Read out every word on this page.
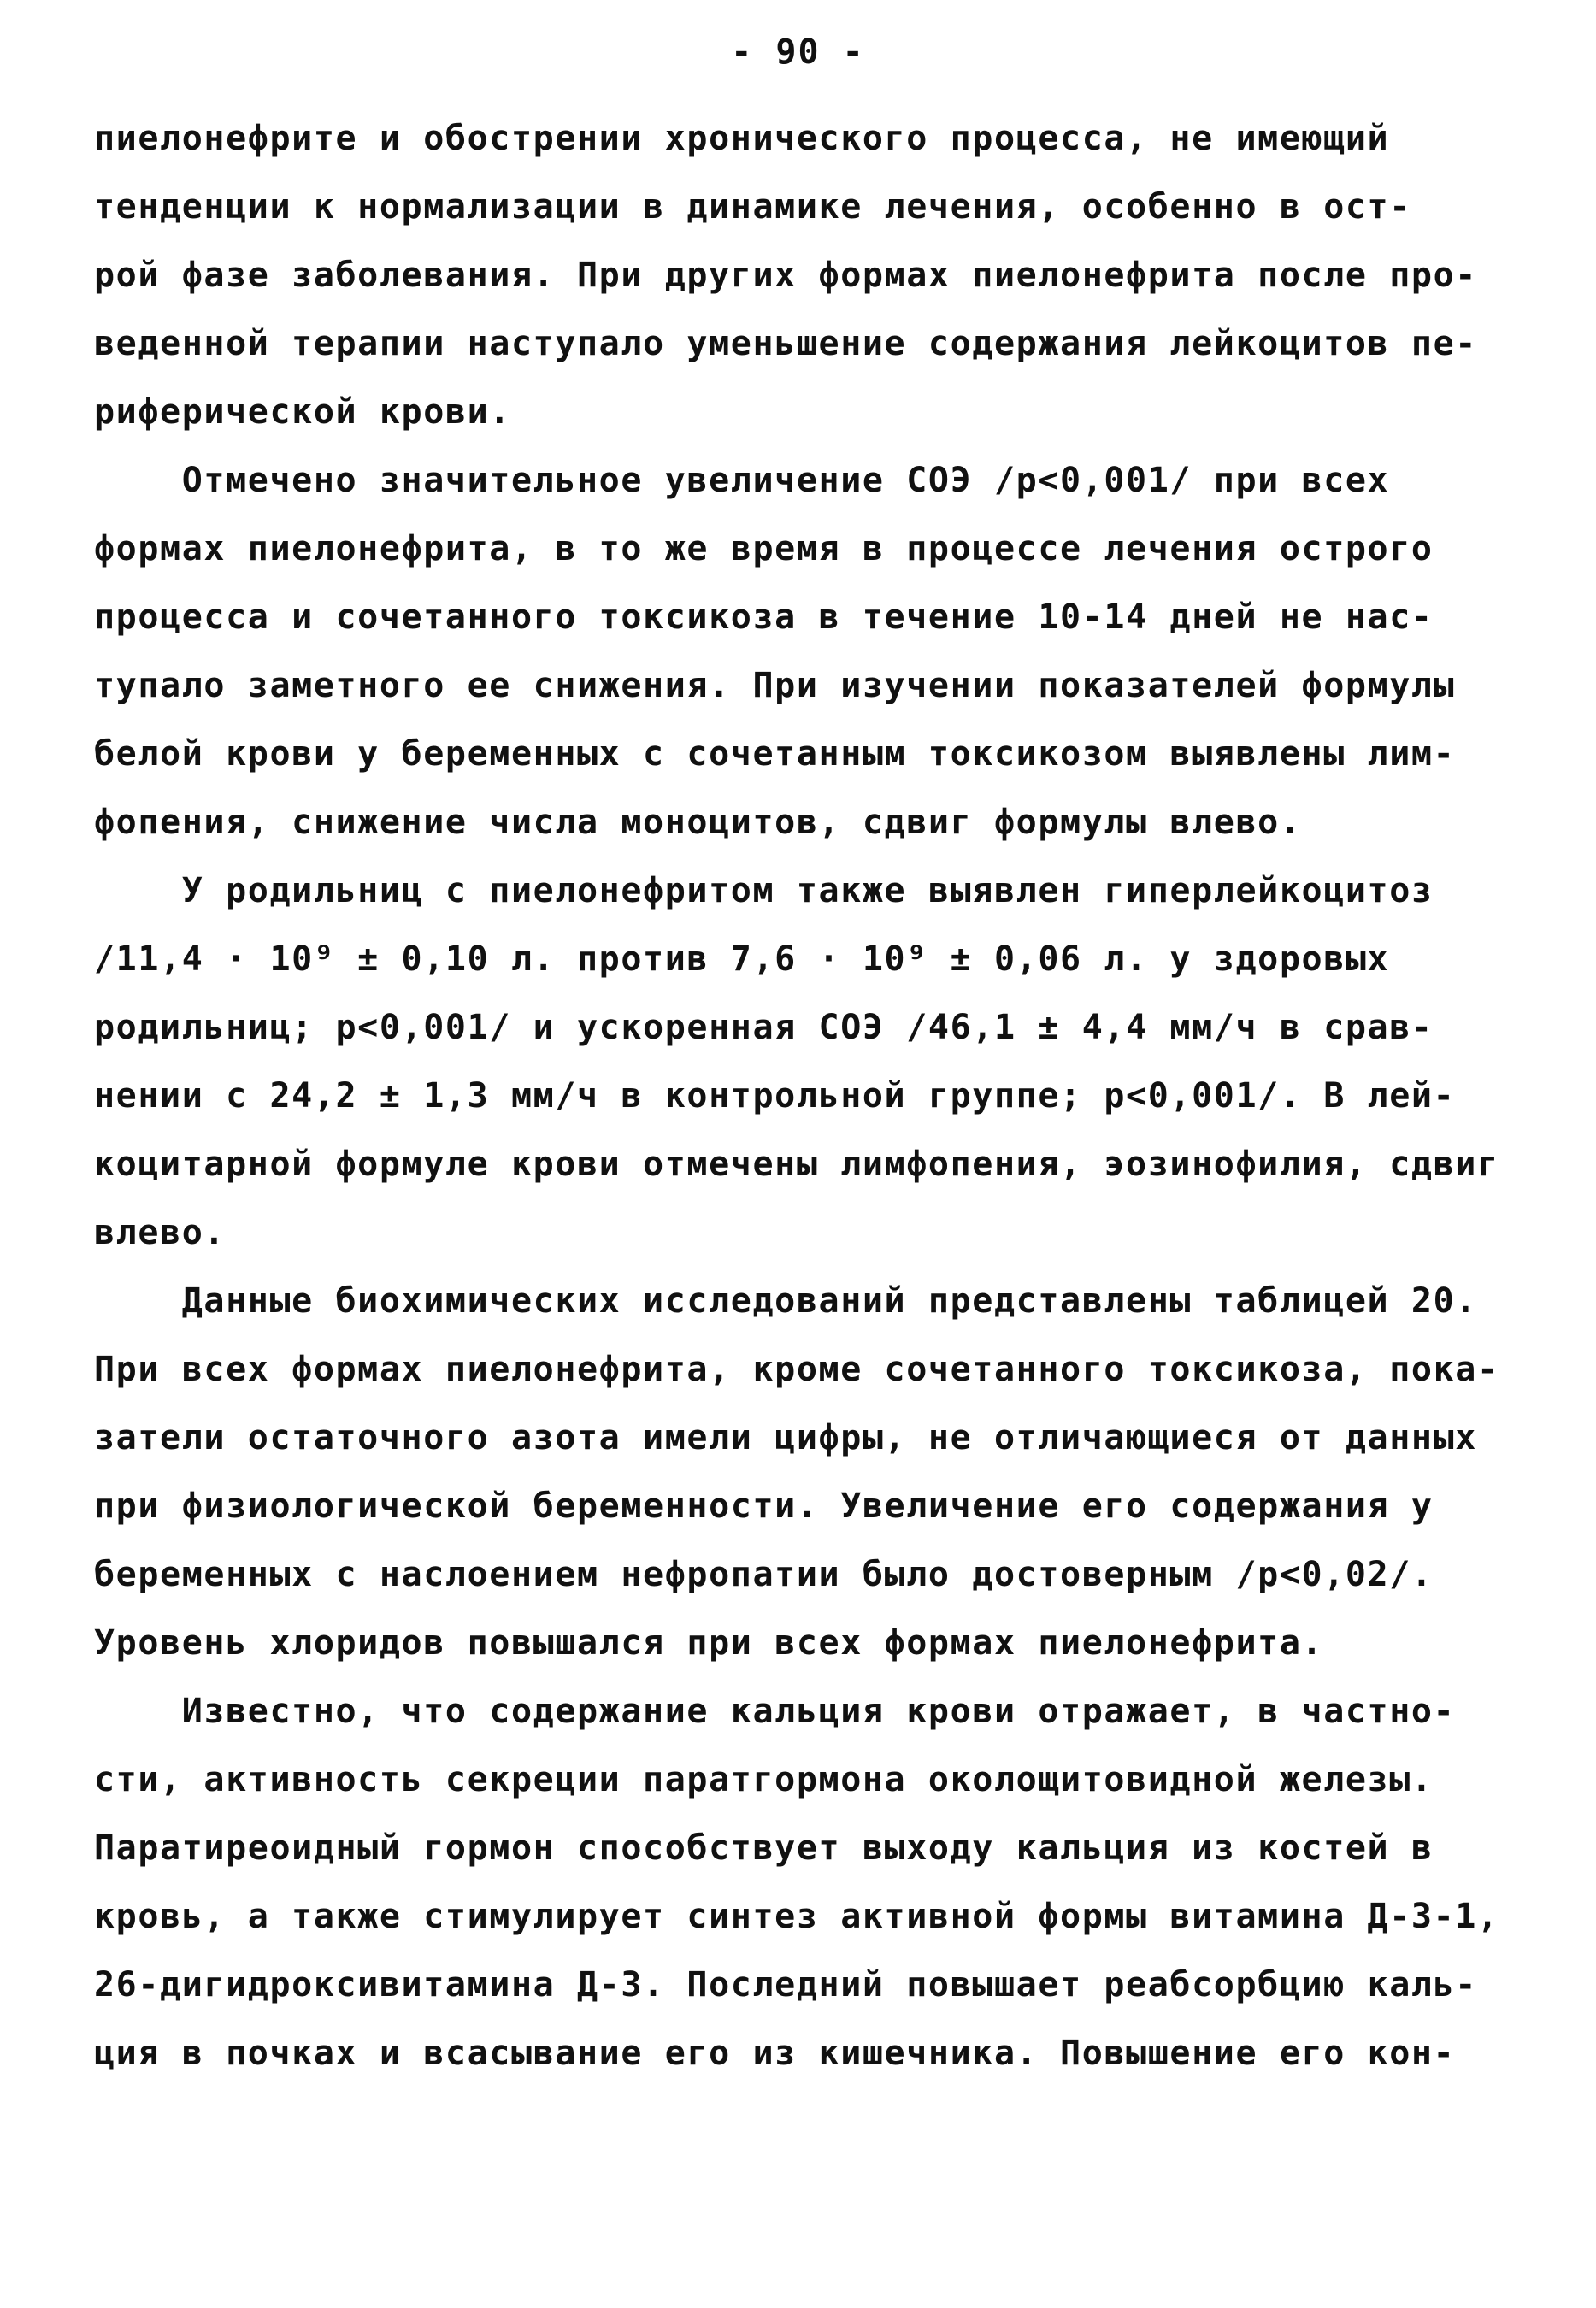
- 90 -
пиелонефрите и обострении хронического процесса, не имеющий
тенденции к нормализации в динамике лечения, особенно в ост-
рой фазе заболевания. При других формах пиелонефрита после про-
веденной терапии наступало уменьшение содержания лейкоцитов пе-
риферической крови.
Отмечено значительное увеличение СОЭ /р<0,001/ при всех
формах пиелонефрита, в то же время в процессе лечения острого
процесса и сочетанного токсикоза в течение 10-14 дней не нас-
тупало заметного ее снижения. При изучении показателей формулы
белой крови у беременных с сочетанным токсикозом выявлены лим-
фопения, снижение числа моноцитов, сдвиг формулы влево.
У родильниц с пиелонефритом также выявлен гиперлейкоцитоз
/11,4 · 10⁹ ± 0,10 л. против 7,6 · 10⁹ ± 0,06 л. у здоровых
родильниц; р<0,001/ и ускоренная СОЭ /46,1 ± 4,4 мм/ч в срав-
нении с 24,2 ± 1,3 мм/ч в контрольной группе; р<0,001/. В лей-
коцитарной формуле крови отмечены лимфопения, эозинофилия, сдвиг
влево.
Данные биохимических исследований представлены таблицей 20.
При всех формах пиелонефрита, кроме сочетанного токсикоза, пока-
затели остаточного азота имели цифры, не отличающиеся от данных
при физиологической беременности. Увеличение его содержания у
беременных с наслоением нефропатии было достоверным /р<0,02/.
Уровень хлоридов повышался при всех формах пиелонефрита.
Известно, что содержание кальция крови отражает, в частно-
сти, активность секреции паратгормона околощитовидной железы.
Паратиреоидный гормон способствует выходу кальция из костей в
кровь, а также стимулирует синтез активной формы витамина Д-3-1,
26-дигидроксивитамина Д-3. Последний повышает реабсорбцию каль-
ция в почках и всасывание его из кишечника. Повышение его кон-
